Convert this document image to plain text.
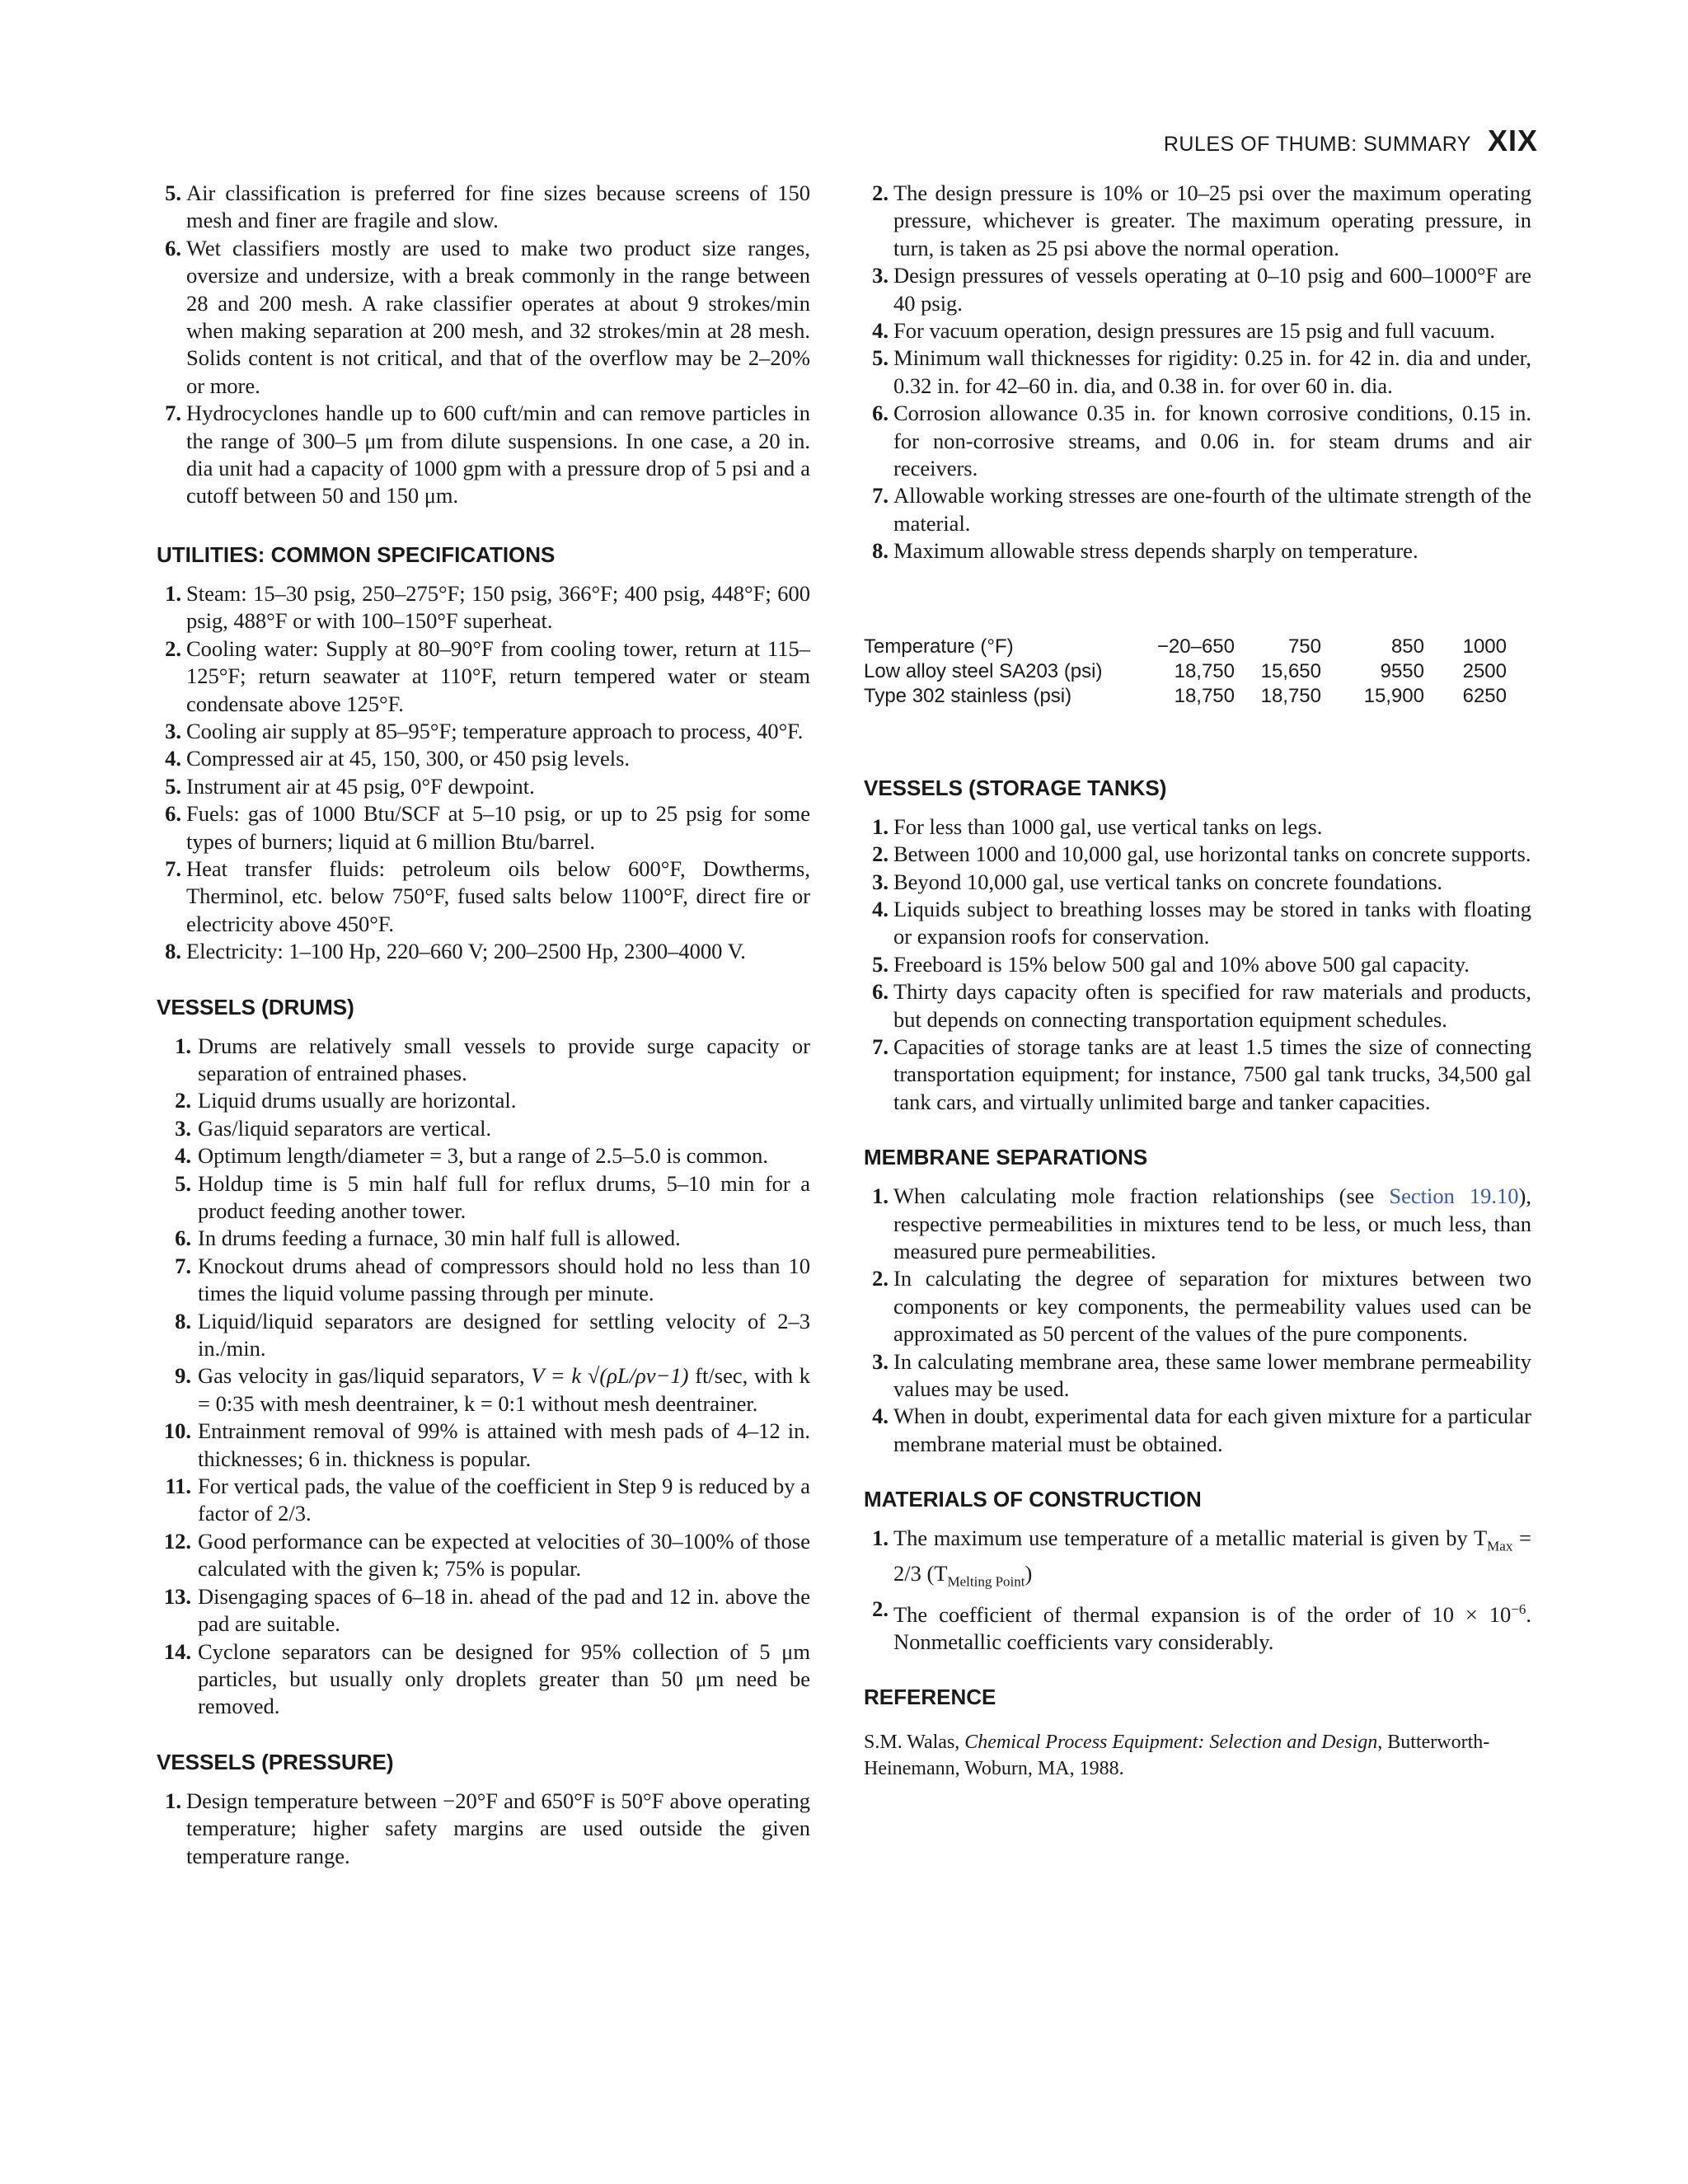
RULES OF THUMB: SUMMARY XIX
5. Air classification is preferred for fine sizes because screens of 150 mesh and finer are fragile and slow.
6. Wet classifiers mostly are used to make two product size ranges, oversize and undersize, with a break commonly in the range between 28 and 200 mesh. A rake classifier operates at about 9 strokes/min when making separation at 200 mesh, and 32 strokes/min at 28 mesh. Solids content is not critical, and that of the overflow may be 2–20% or more.
7. Hydrocyclones handle up to 600 cuft/min and can remove particles in the range of 300–5 μm from dilute suspensions. In one case, a 20 in. dia unit had a capacity of 1000 gpm with a pressure drop of 5 psi and a cutoff between 50 and 150 μm.
UTILITIES: COMMON SPECIFICATIONS
1. Steam: 15–30 psig, 250–275°F; 150 psig, 366°F; 400 psig, 448°F; 600 psig, 488°F or with 100–150°F superheat.
2. Cooling water: Supply at 80–90°F from cooling tower, return at 115–125°F; return seawater at 110°F, return tempered water or steam condensate above 125°F.
3. Cooling air supply at 85–95°F; temperature approach to process, 40°F.
4. Compressed air at 45, 150, 300, or 450 psig levels.
5. Instrument air at 45 psig, 0°F dewpoint.
6. Fuels: gas of 1000 Btu/SCF at 5–10 psig, or up to 25 psig for some types of burners; liquid at 6 million Btu/barrel.
7. Heat transfer fluids: petroleum oils below 600°F, Dowtherms, Therminol, etc. below 750°F, fused salts below 1100°F, direct fire or electricity above 450°F.
8. Electricity: 1–100 Hp, 220–660 V; 200–2500 Hp, 2300–4000 V.
VESSELS (DRUMS)
1. Drums are relatively small vessels to provide surge capacity or separation of entrained phases.
2. Liquid drums usually are horizontal.
3. Gas/liquid separators are vertical.
4. Optimum length/diameter = 3, but a range of 2.5–5.0 is common.
5. Holdup time is 5 min half full for reflux drums, 5–10 min for a product feeding another tower.
6. In drums feeding a furnace, 30 min half full is allowed.
7. Knockout drums ahead of compressors should hold no less than 10 times the liquid volume passing through per minute.
8. Liquid/liquid separators are designed for settling velocity of 2–3 in./min.
9. Gas velocity in gas/liquid separators, V = k √(ρL/ρv−1) ft/sec, with k = 0:35 with mesh deentrainer, k = 0:1 without mesh deentrainer.
10. Entrainment removal of 99% is attained with mesh pads of 4–12 in. thicknesses; 6 in. thickness is popular.
11. For vertical pads, the value of the coefficient in Step 9 is reduced by a factor of 2/3.
12. Good performance can be expected at velocities of 30–100% of those calculated with the given k; 75% is popular.
13. Disengaging spaces of 6–18 in. ahead of the pad and 12 in. above the pad are suitable.
14. Cyclone separators can be designed for 95% collection of 5 μm particles, but usually only droplets greater than 50 μm need be removed.
VESSELS (PRESSURE)
1. Design temperature between −20°F and 650°F is 50°F above operating temperature; higher safety margins are used outside the given temperature range.
2. The design pressure is 10% or 10–25 psi over the maximum operating pressure, whichever is greater. The maximum operating pressure, in turn, is taken as 25 psi above the normal operation.
3. Design pressures of vessels operating at 0–10 psig and 600–1000°F are 40 psig.
4. For vacuum operation, design pressures are 15 psig and full vacuum.
5. Minimum wall thicknesses for rigidity: 0.25 in. for 42 in. dia and under, 0.32 in. for 42–60 in. dia, and 0.38 in. for over 60 in. dia.
6. Corrosion allowance 0.35 in. for known corrosive conditions, 0.15 in. for non-corrosive streams, and 0.06 in. for steam drums and air receivers.
7. Allowable working stresses are one-fourth of the ultimate strength of the material.
8. Maximum allowable stress depends sharply on temperature.
Temperature (°F)	−20–650	750	850	1000
Low alloy steel SA203 (psi)	18,750	15,650	9550	2500
Type 302 stainless (psi)	18,750	18,750	15,900	6250
VESSELS (STORAGE TANKS)
1. For less than 1000 gal, use vertical tanks on legs.
2. Between 1000 and 10,000 gal, use horizontal tanks on concrete supports.
3. Beyond 10,000 gal, use vertical tanks on concrete foundations.
4. Liquids subject to breathing losses may be stored in tanks with floating or expansion roofs for conservation.
5. Freeboard is 15% below 500 gal and 10% above 500 gal capacity.
6. Thirty days capacity often is specified for raw materials and products, but depends on connecting transportation equipment schedules.
7. Capacities of storage tanks are at least 1.5 times the size of connecting transportation equipment; for instance, 7500 gal tank trucks, 34,500 gal tank cars, and virtually unlimited barge and tanker capacities.
MEMBRANE SEPARATIONS
1. When calculating mole fraction relationships (see Section 19.10), respective permeabilities in mixtures tend to be less, or much less, than measured pure permeabilities.
2. In calculating the degree of separation for mixtures between two components or key components, the permeability values used can be approximated as 50 percent of the values of the pure components.
3. In calculating membrane area, these same lower membrane permeability values may be used.
4. When in doubt, experimental data for each given mixture for a particular membrane material must be obtained.
MATERIALS OF CONSTRUCTION
1. The maximum use temperature of a metallic material is given by $T_{Max} = 2/3$ $(T_{Melting Point})$
2. The coefficient of thermal expansion is of the order of $10 \times 10^{-6}$. Nonmetallic coefficients vary considerably.
REFERENCE
S.M. Walas, Chemical Process Equipment: Selection and Design, Butterworth-Heinemann, Woburn, MA, 1988.
